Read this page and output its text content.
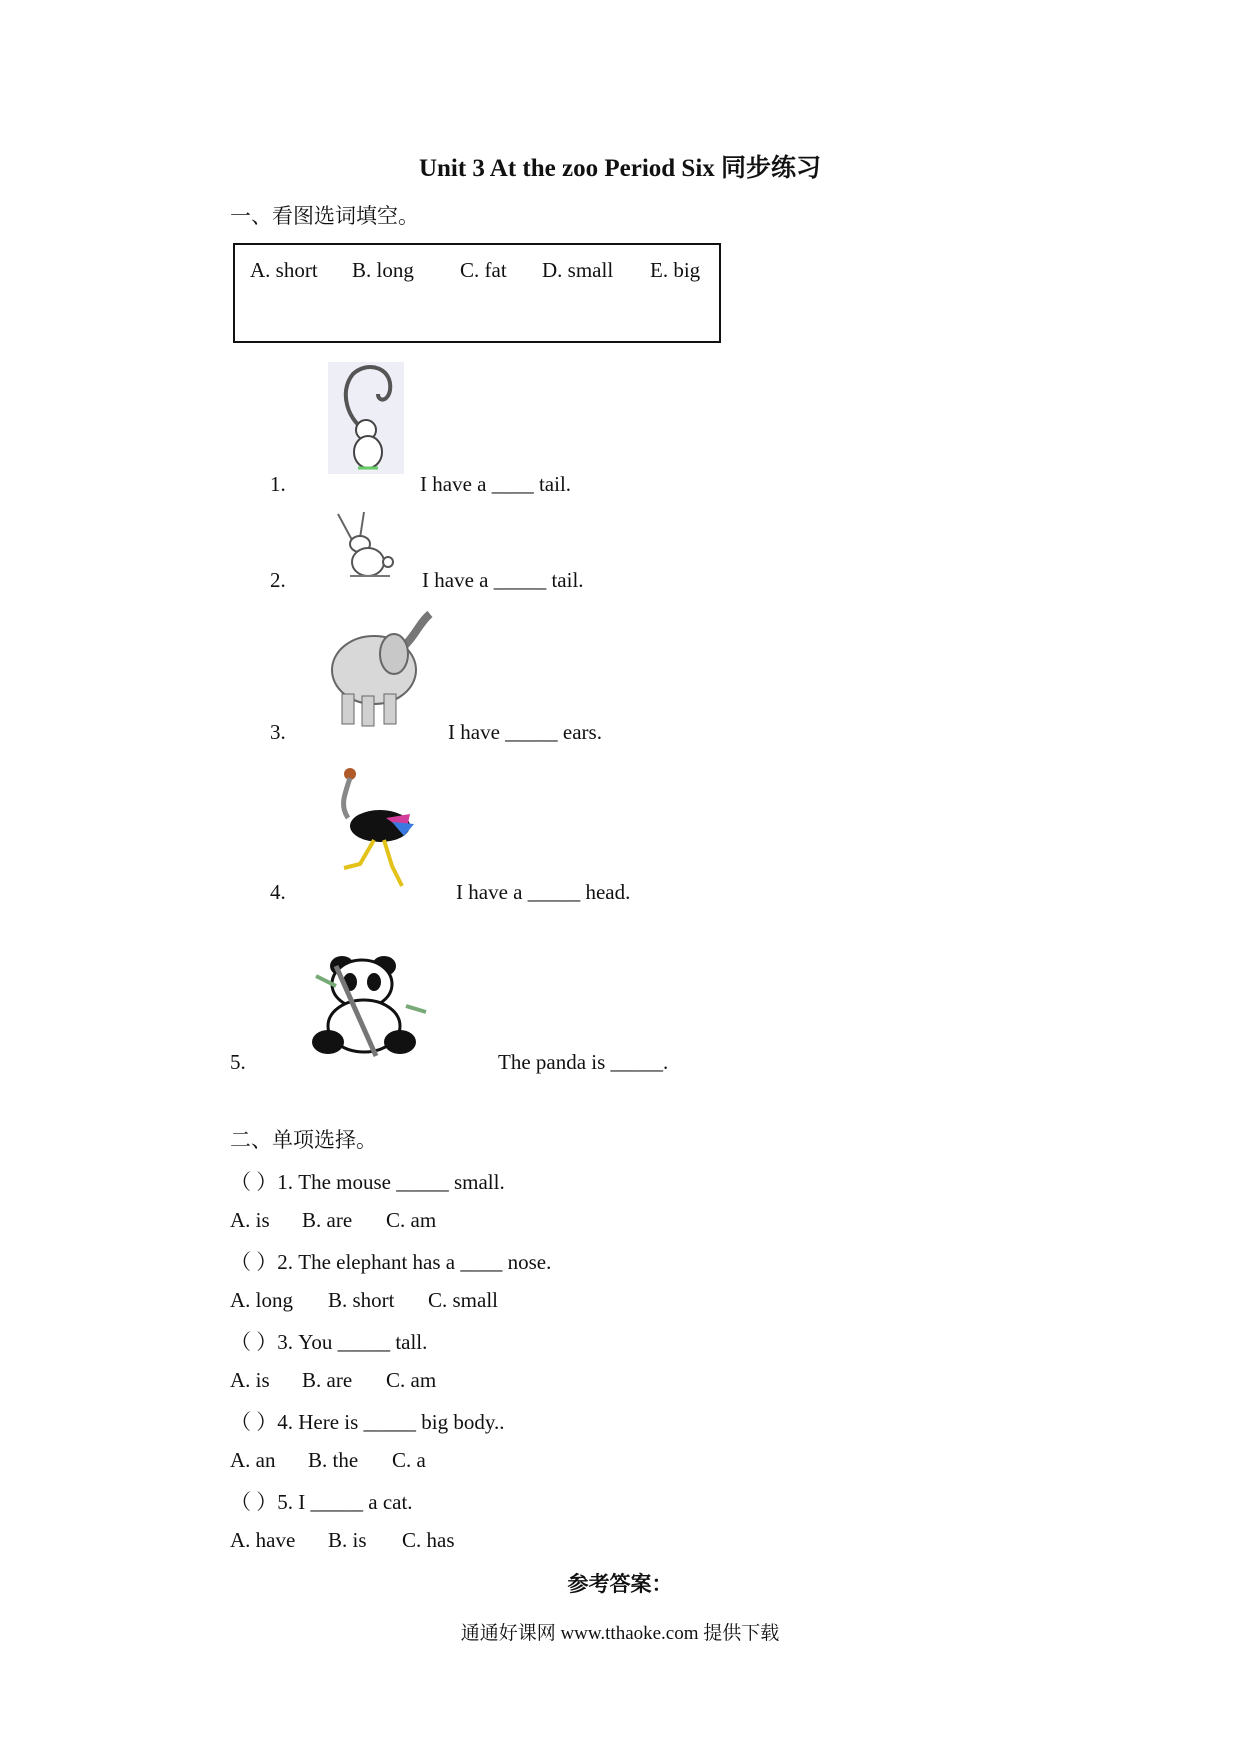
Unit 3 At the zoo Period Six 同步练习
一、看图选词填空。
A. short B. long C. fat D. small E. big
1.	I have a ____ tail.
2.	I have a _____ tail.
3.	I have _____ ears.
4.	I have a _____ head.
5.	The panda is _____.
二、单项选择。
（ ）1. The mouse _____ small.
A. is B. are C. am
（ ）2. The elephant has a ____ nose.
A. long B. short C. small
（ ）3. You _____ tall.
A. is B. are C. am
（ ）4. Here is _____ big body..
A. an B. the C. a
（ ）5. I _____ a cat.
A. have B. is C. has
参考答案：
通通好课网 www.tthaoke.com 提供下载
